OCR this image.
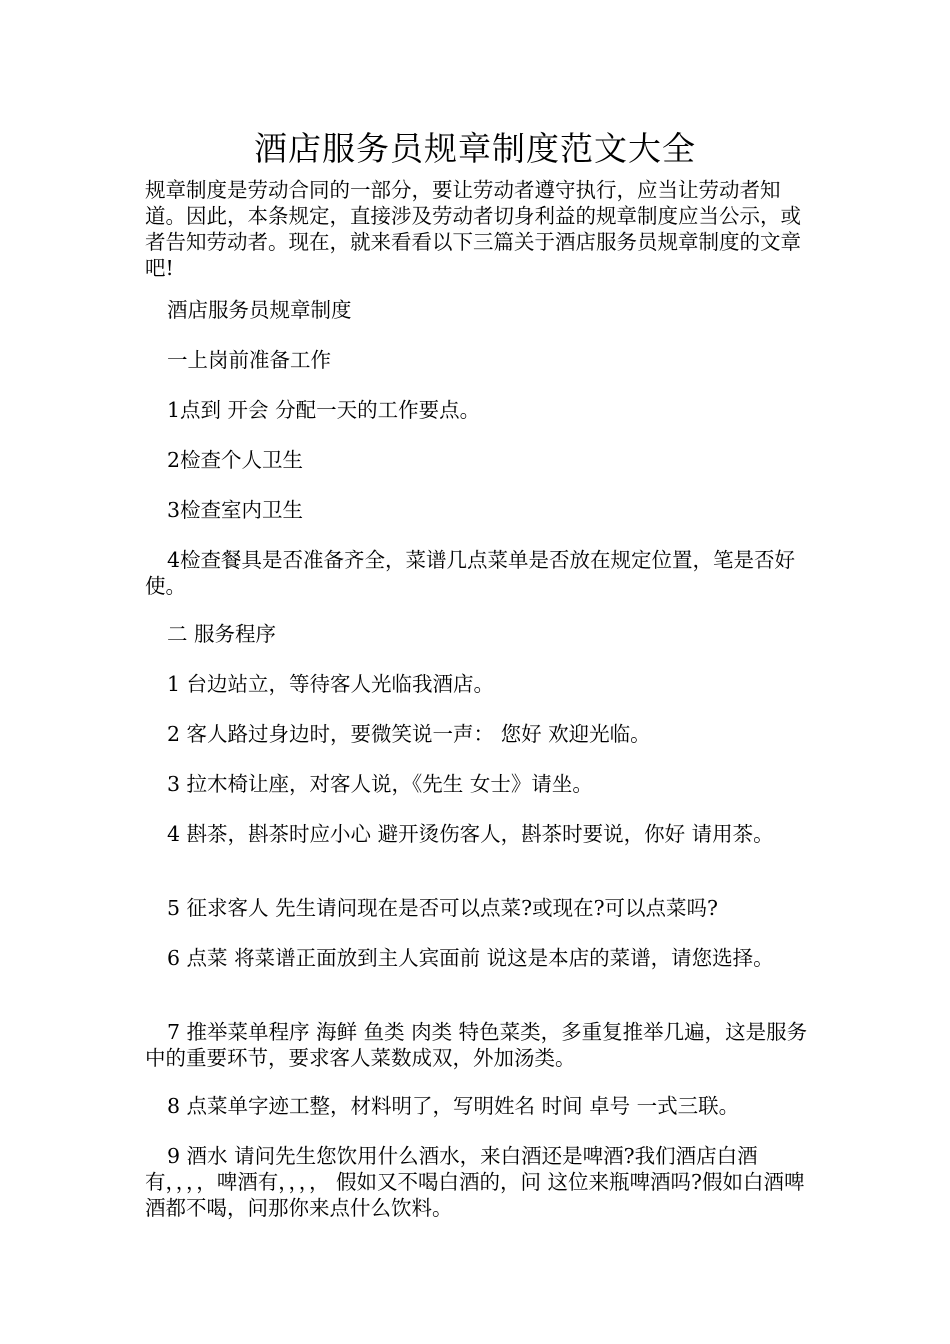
酒店服务员规章制度范文大全

规章制度是劳动合同的一部分，要让劳动者遵守执行，应当让劳动者知道。因此，本条规定，直接涉及劳动者切身利益的规章制度应当公示，或者告知劳动者。现在，就来看看以下三篇关于酒店服务员规章制度的文章吧!

酒店服务员规章制度

一上岗前准备工作

1点到 开会 分配一天的工作要点。

2检查个人卫生

3检查室内卫生

4检查餐具是否准备齐全，菜谱几点菜单是否放在规定位置，笔是否好使。

二 服务程序

1 台边站立，等待客人光临我酒店。

2 客人路过身边时，要微笑说一声： 您好 欢迎光临。

3 拉木椅让座，对客人说，《先生 女士》请坐。

4 斟茶，斟茶时应小心 避开烫伤客人，斟茶时要说，你好 请用茶。

5 征求客人 先生请问现在是否可以点菜?或现在?可以点菜吗?

6 点菜 将菜谱正面放到主人宾面前 说这是本店的菜谱，请您选择。

7 推举菜单程序 海鲜 鱼类 肉类 特色菜类，多重复推举几遍，这是服务中的重要环节，要求客人菜数成双，外加汤类。

8 点菜单字迹工整，材料明了，写明姓名 时间 卓号 一式三联。

9 酒水 请问先生您饮用什么酒水，来白酒还是啤酒?我们酒店白酒有，，，，啤酒有，，，， 假如又不喝白酒的，问 这位来瓶啤酒吗?假如白酒啤酒都不喝，问那你来点什么饮料。
